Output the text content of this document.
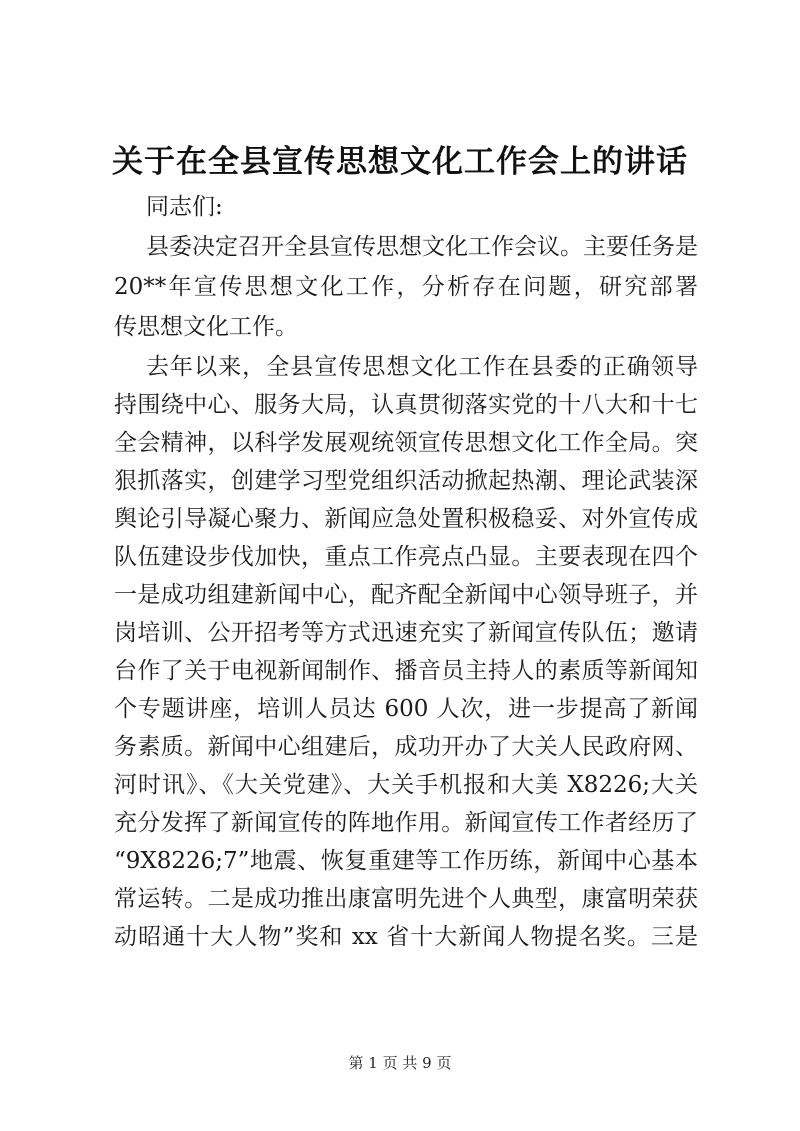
关于在全县宣传思想文化工作会上的讲话
同志们:
县委决定召开全县宣传思想文化工作会议。主要任务是
20**年宣传思想文化工作，分析存在问题，研究部署
传思想文化工作。
去年以来，全县宣传思想文化工作在县委的正确领导
持围绕中心、服务大局，认真贯彻落实党的十八大和十七
全会精神，以科学发展观统领宣传思想文化工作全局。突
狠抓落实，创建学习型党组织活动掀起热潮、理论武装深
舆论引导凝心聚力、新闻应急处置积极稳妥、对外宣传成
队伍建设步伐加快，重点工作亮点凸显。主要表现在四个
一是成功组建新闻中心，配齐配全新闻中心领导班子，并
岗培训、公开招考等方式迅速充实了新闻宣传队伍；邀请
台作了关于电视新闻制作、播音员主持人的素质等新闻知
个专题讲座，培训人员达 600 人次，进一步提高了新闻
务素质。新闻中心组建后，成功开办了大关人民政府网、
河时讯》、《大关党建》、大关手机报和大美 X8226;大关
充分发挥了新闻宣传的阵地作用。新闻宣传工作者经历了
“9X8226;7”地震、恢复重建等工作历练，新闻中心基本
常运转。二是成功推出康富明先进个人典型，康富明荣获
动昭通十大人物”奖和 xx 省十大新闻人物提名奖。三是
第 1 页 共 9 页
